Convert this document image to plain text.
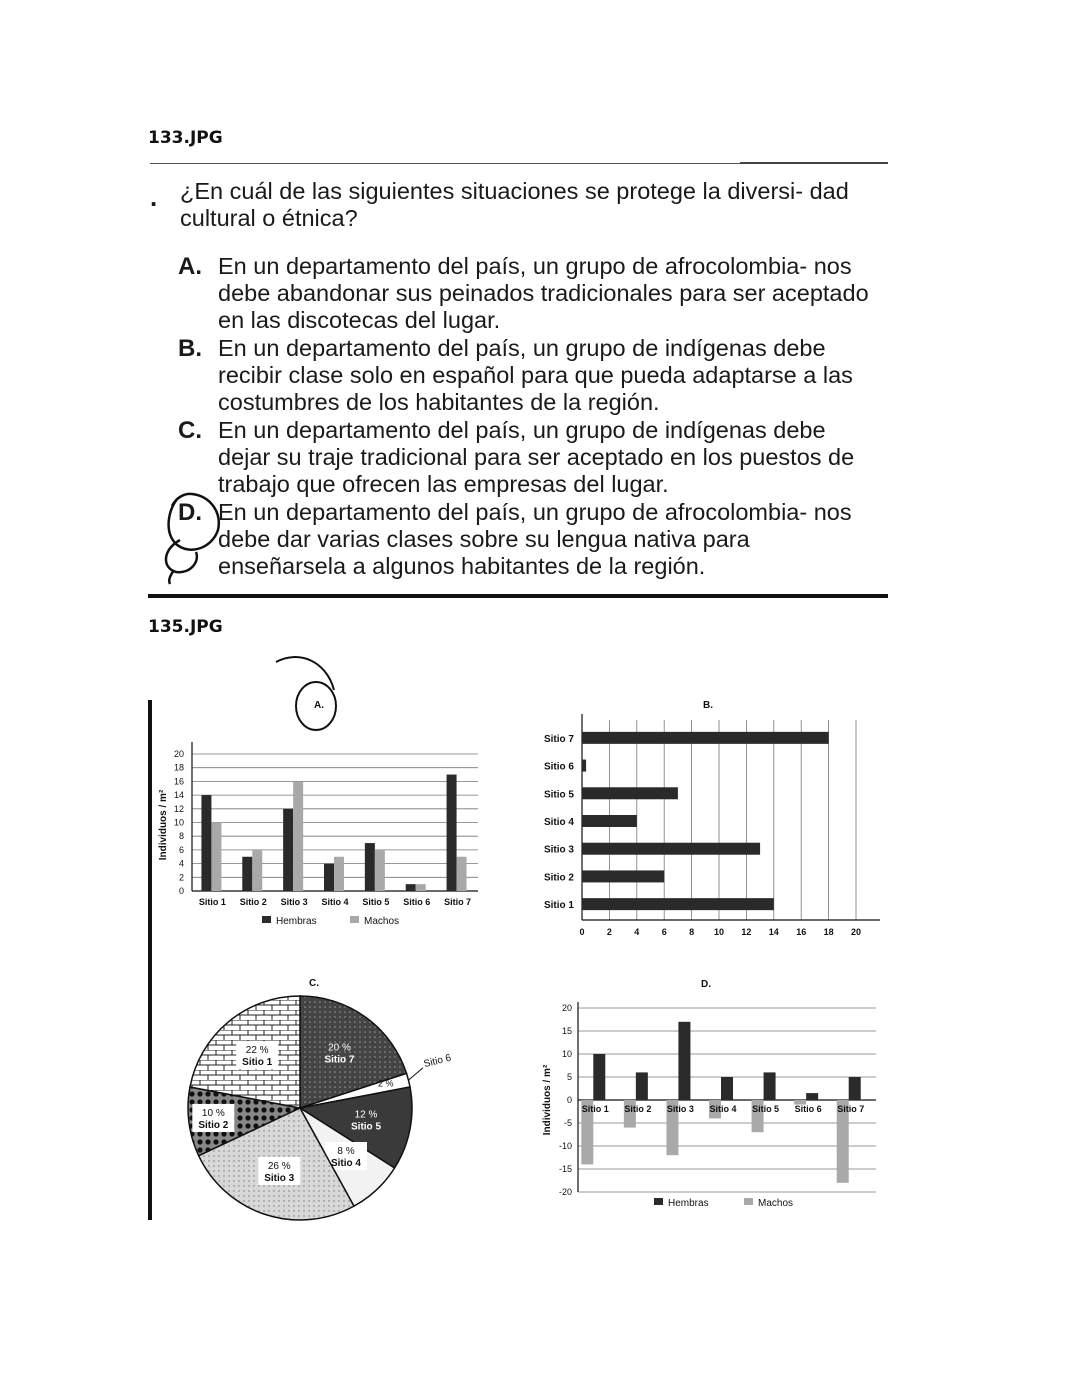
133.JPG
. ¿En cuál de las siguientes situaciones se protege la diversi- dad cultural o étnica?
A. En un departamento del país, un grupo de afrocolombia- nos debe abandonar sus peinados tradicionales para ser aceptado en las discotecas del lugar.
B. En un departamento del país, un grupo de indígenas debe recibir clase solo en español para que pueda adaptarse a las costumbres de los habitantes de la región.
C. En un departamento del país, un grupo de indígenas debe dejar su traje tradicional para ser aceptado en los puestos de trabajo que ofrecen las empresas del lugar.
D. En un departamento del país, un grupo de afrocolombia- nos debe dar varias clases sobre su lengua nativa para enseñarsela a algunos habitantes de la región.
135.JPG
A.
0
2
4
6
8
10
12
14
16
18
20
Individuos / m²
Sitio 1 Sitio 2 Sitio 3 Sitio 4 Sitio 5 Sitio 6 Sitio 7
Hembras	Machos
B.
0 2 4 6 8 10 12 14 16 18 20
Sitio 1
Sitio 2
Sitio 3
Sitio 4
Sitio 5
Sitio 6
Sitio 7
C.
20 %
Sitio 7
2 %
Sitio 6
12 %
Sitio 5
8 %
Sitio 4
26 %
Sitio 3
10 %
Sitio 2
22 %
Sitio 1
D.
20
15
10
5
0
-5
-10
-15
-20
Individuos / m²	Sitio 1 Sitio 2 Sitio 3 Sitio 4 Sitio 5 Sitio 6 Sitio 7
Hembras	Machos
